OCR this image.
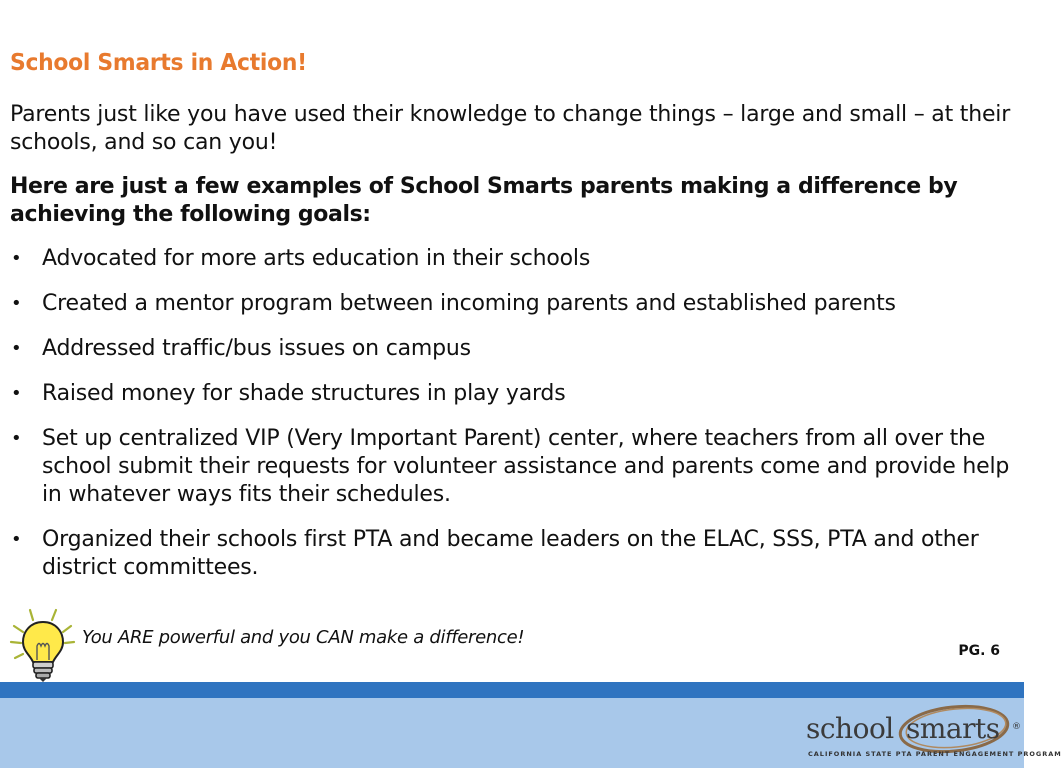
School Smarts in Action!
Parents just like you have used their knowledge to change things – large and small – at their schools, and so can you!
Here are just a few examples of School Smarts parents making a difference by achieving the following goals:
• Advocated for more arts education in their schools
• Created a mentor program between incoming parents and established parents
• Addressed traffic/bus issues on campus
• Raised money for shade structures in play yards
• Set up centralized VIP (Very Important Parent) center, where teachers from all over the school submit their requests for volunteer assistance and parents come and provide help in whatever ways fits their schedules.
• Organized their schools first PTA and became leaders on the ELAC, SSS, PTA and other district committees.
You ARE powerful and you CAN make a difference!
PG. 6
school smarts ®
CALIFORNIA STATE PTA PARENT ENGAGEMENT PROGRAM
